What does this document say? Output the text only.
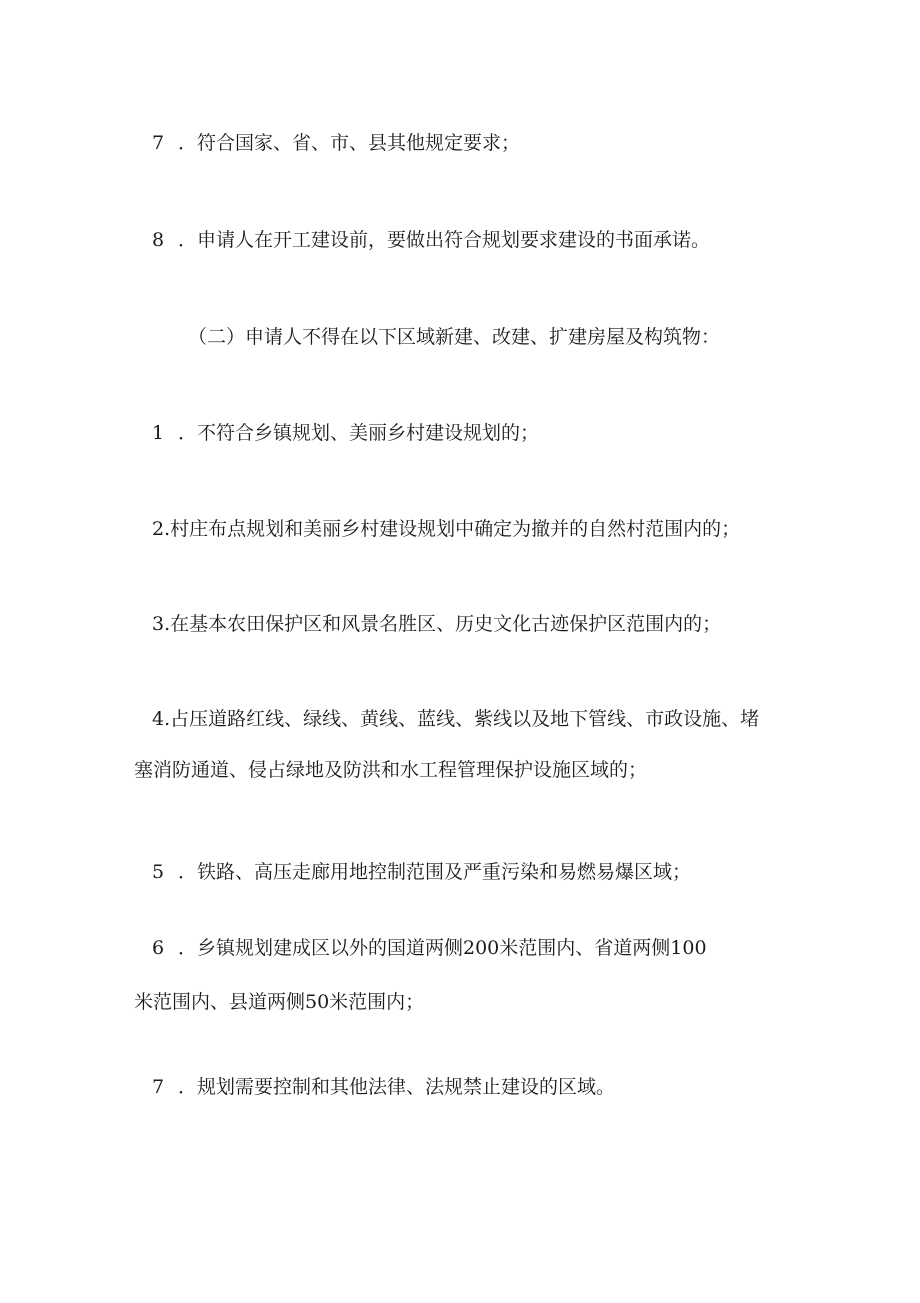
7 ．符合国家、省、市、县其他规定要求；

8 ．申请人在开工建设前，要做出符合规划要求建设的书面承诺。

（二）申请人不得在以下区域新建、改建、扩建房屋及构筑物：

1 ．不符合乡镇规划、美丽乡村建设规划的；

2.村庄布点规划和美丽乡村建设规划中确定为撤并的自然村范围内的；

3.在基本农田保护区和风景名胜区、历史文化古迹保护区范围内的；

4.占压道路红线、绿线、黄线、蓝线、紫线以及地下管线、市政设施、堵

塞消防通道、侵占绿地及防洪和水工程管理保护设施区域的；

5 ．铁路、高压走廊用地控制范围及严重污染和易燃易爆区域；

6 ．乡镇规划建成区以外的国道两侧200米范围内、省道两侧100

米范围内、县道两侧50米范围内；

7 ．规划需要控制和其他法律、法规禁止建设的区域。
